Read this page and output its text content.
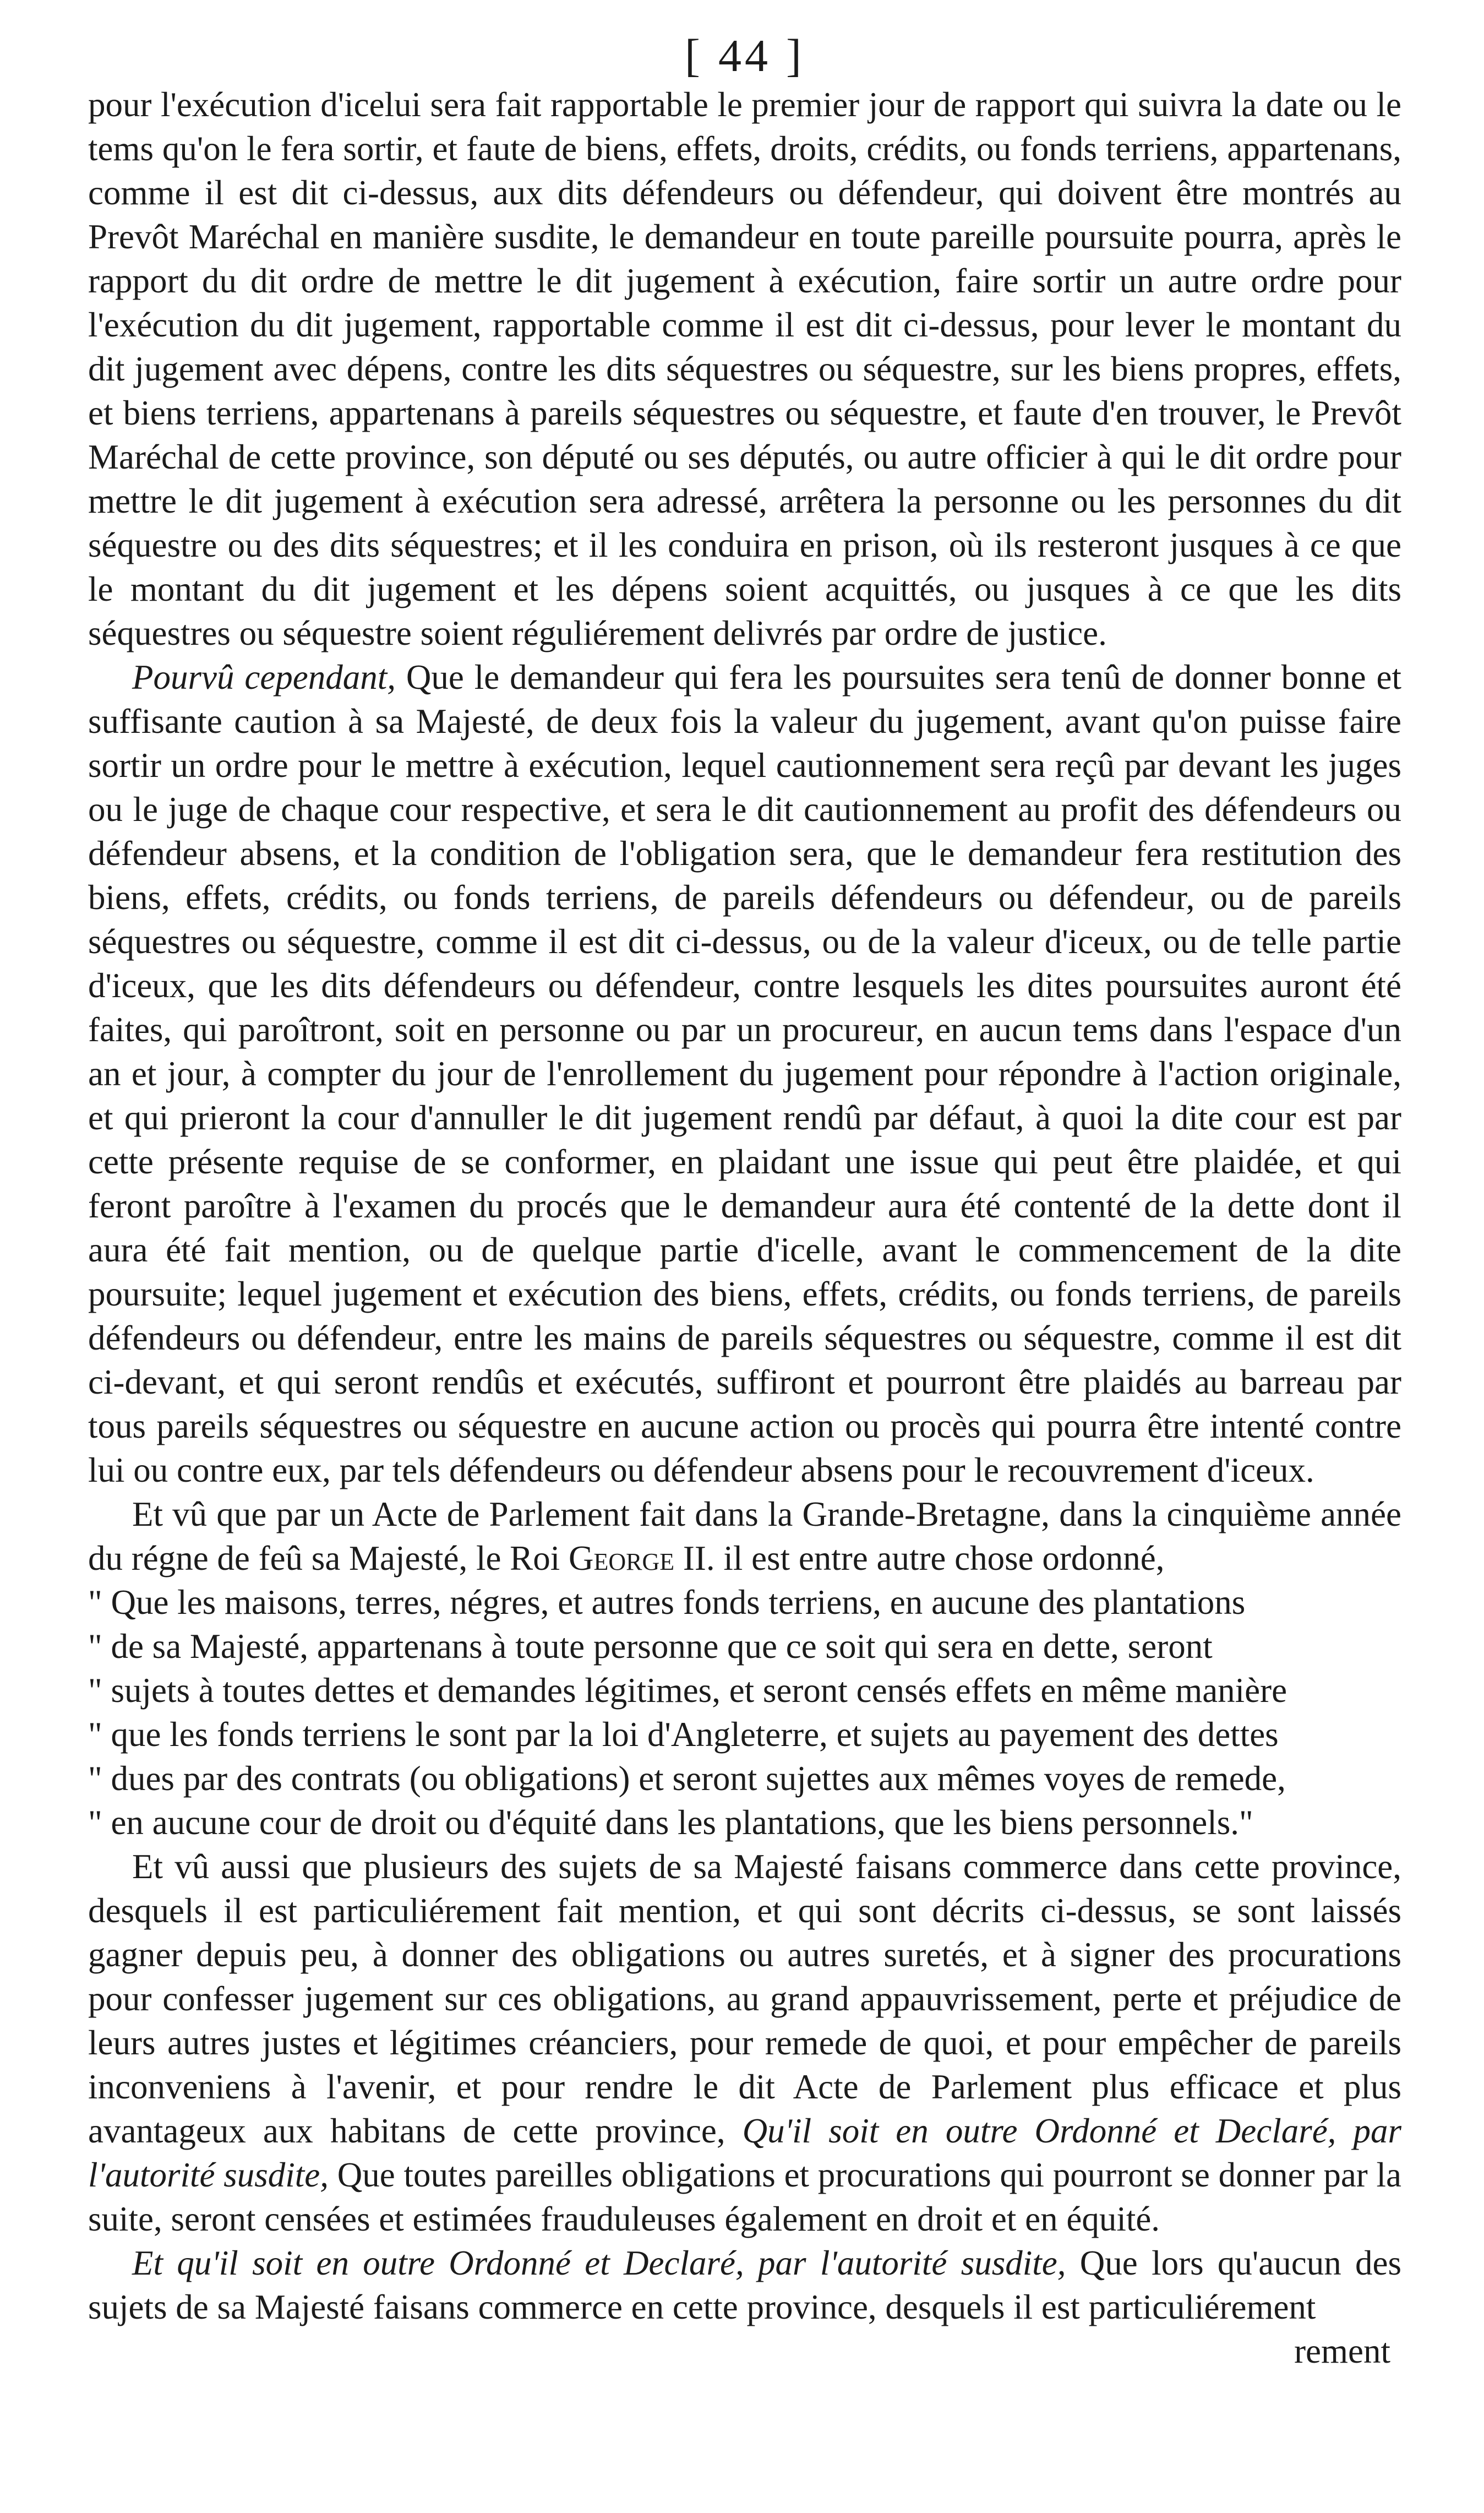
[ 44 ]

pour l'exécution d'icelui sera fait rapportable le premier jour de rapport qui suivra la date ou le tems qu'on le fera sortir, et faute de biens, effets, droits, crédits, ou fonds terriens, appartenans, comme il est dit ci-dessus, aux dits défendeurs ou défendeur, qui doivent être montrés au Prevôt Maréchal en manière susdite, le demandeur en toute pareille poursuite pourra, après le rapport du dit ordre de mettre le dit jugement à exécution, faire sortir un autre ordre pour l'exécution du dit jugement, rapportable comme il est dit ci-dessus, pour lever le montant du dit jugement avec dépens, contre les dits séquestres ou séquestre, sur les biens propres, effets, et biens terriens, appartenans à pareils séquestres ou séquestre, et faute d'en trouver, le Prevôt Maréchal de cette province, son député ou ses députés, ou autre officier à qui le dit ordre pour mettre le dit jugement à exécution sera adressé, arrêtera la personne ou les personnes du dit séquestre ou des dits séquestres; et il les conduira en prison, où ils resteront jusques à ce que le montant du dit jugement et les dépens soient acquittés, ou jusques à ce que les dits séquestres ou séquestre soient réguliérement delivrés par ordre de justice.

Pourvû cependant, Que le demandeur qui fera les poursuites sera tenû de donner bonne et suffisante caution à sa Majesté, de deux fois la valeur du jugement, avant qu'on puisse faire sortir un ordre pour le mettre à exécution, lequel cautionnement sera reçû par devant les juges ou le juge de chaque cour respective, et sera le dit cautionnement au profit des défendeurs ou défendeur absens, et la condition de l'obligation sera, que le demandeur fera restitution des biens, effets, crédits, ou fonds terriens, de pareils défendeurs ou défendeur, ou de pareils séquestres ou séquestre, comme il est dit ci-dessus, ou de la valeur d'iceux, ou de telle partie d'iceux, que les dits défendeurs ou défendeur, contre lesquels les dites poursuites auront été faites, qui paroîtront, soit en personne ou par un procureur, en aucun tems dans l'espace d'un an et jour, à compter du jour de l'enrollement du jugement pour répondre à l'action originale, et qui prieront la cour d'annuller le dit jugement rendû par défaut, à quoi la dite cour est par cette présente requise de se conformer, en plaidant une issue qui peut être plaidée, et qui feront paroître à l'examen du procés que le demandeur aura été contenté de la dette dont il aura été fait mention, ou de quelque partie d'icelle, avant le commencement de la dite poursuite; lequel jugement et exécution des biens, effets, crédits, ou fonds terriens, de pareils défendeurs ou défendeur, entre les mains de pareils séquestres ou séquestre, comme il est dit ci-devant, et qui seront rendûs et exécutés, suffiront et pourront être plaidés au barreau par tous pareils séquestres ou séquestre en aucune action ou procès qui pourra être intenté contre lui ou contre eux, par tels défendeurs ou défendeur absens pour le recouvrement d'iceux.

Et vû que par un Acte de Parlement fait dans la Grande-Bretagne, dans la cinquième année du régne de feû sa Majesté, le Roi George II. il est entre autre chose ordonné,

" Que les maisons, terres, négres, et autres fonds terriens, en aucune des plantations
" de sa Majesté, appartenans à toute personne que ce soit qui sera en dette, seront
" sujets à toutes dettes et demandes légitimes, et seront censés effets en même manière
" que les fonds terriens le sont par la loi d'Angleterre, et sujets au payement des dettes
" dues par des contrats (ou obligations) et seront sujettes aux mêmes voyes de remede,
" en aucune cour de droit ou d'équité dans les plantations, que les biens personnels."

Et vû aussi que plusieurs des sujets de sa Majesté faisans commerce dans cette province, desquels il est particuliérement fait mention, et qui sont décrits ci-dessus, se sont laissés gagner depuis peu, à donner des obligations ou autres suretés, et à signer des procurations pour confesser jugement sur ces obligations, au grand appauvrissement, perte et préjudice de leurs autres justes et légitimes créanciers, pour remede de quoi, et pour empêcher de pareils inconveniens à l'avenir, et pour rendre le dit Acte de Parlement plus efficace et plus avantageux aux habitans de cette province, Qu'il soit en outre Ordonné et Declaré, par l'autorité susdite, Que toutes pareilles obligations et procurations qui pourront se donner par la suite, seront censées et estimées frauduleuses également en droit et en équité.

Et qu'il soit en outre Ordonné et Declaré, par l'autorité susdite, Que lors qu'aucun des sujets de sa Majesté faisans commerce en cette province, desquels il est particuliérement

rement
